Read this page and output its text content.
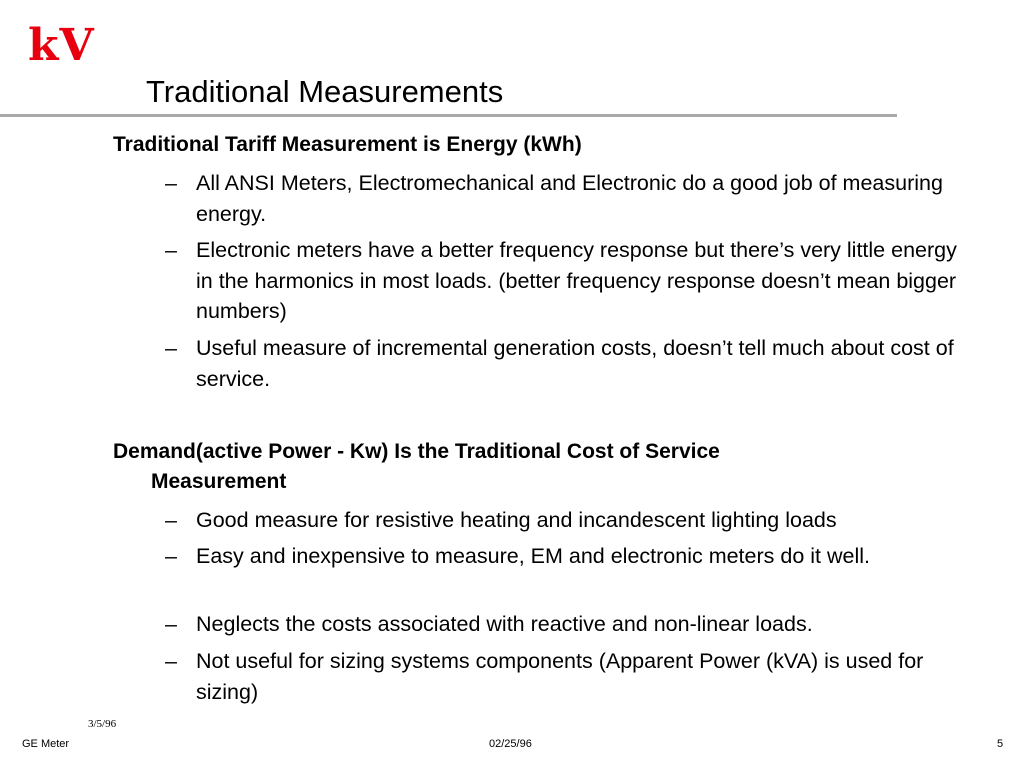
kV
Traditional Measurements
Traditional Tariff Measurement is Energy (kWh)
– All ANSI Meters, Electromechanical and Electronic do a good job of measuring energy.
– Electronic meters have a better frequency response but there’s very little energy in the harmonics in most loads. (better frequency response doesn’t mean bigger numbers)
– Useful measure of incremental generation costs, doesn’t tell much about cost of service.
Demand(active Power - Kw) Is the Traditional Cost of Service
Measurement
– Good measure for resistive heating and incandescent lighting loads
– Easy and inexpensive to measure, EM and electronic meters do it well.
– Neglects the costs associated with reactive and non-linear loads.
– Not useful for sizing systems components (Apparent Power (kVA) is used for sizing)
3/5/96
GE Meter	02/25/96	5
